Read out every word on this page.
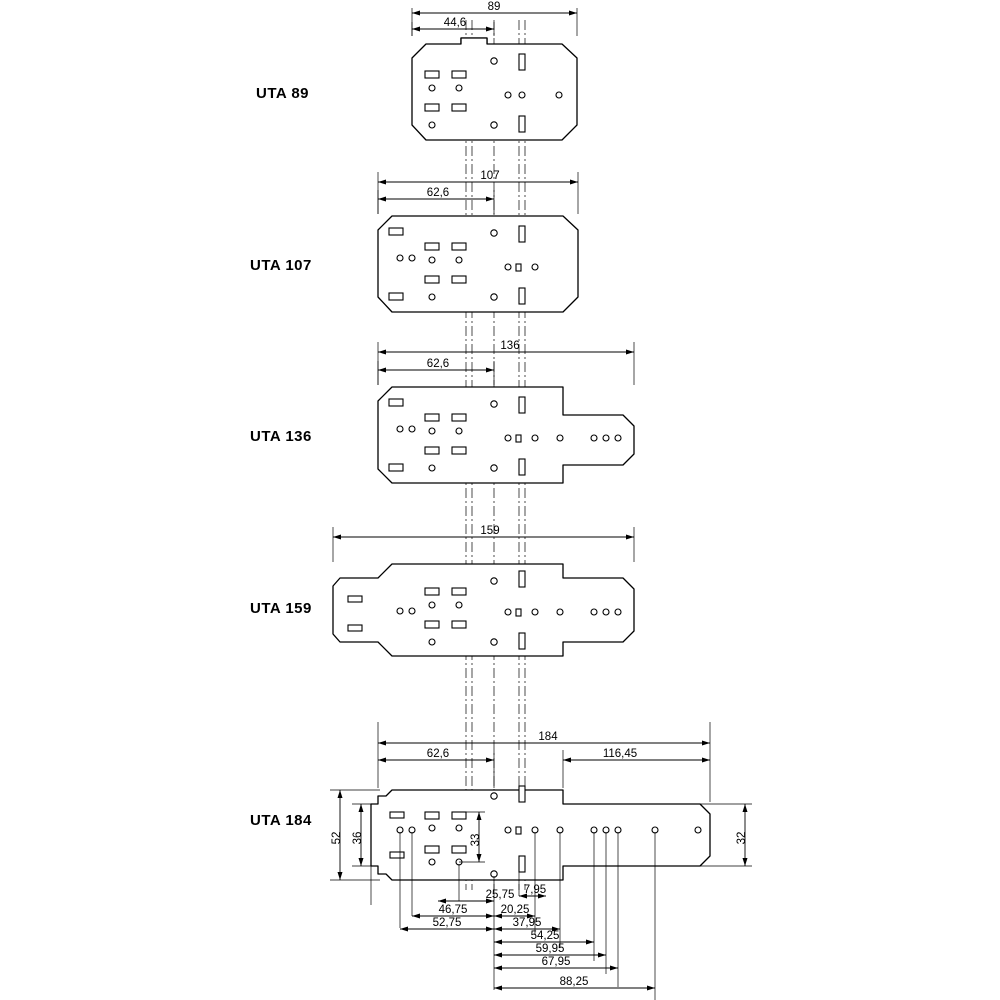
89
44,6
107
62,6
136
62,6
159
184
62,6	116,45
52 36	33	32
25,75 7,95
46,75	20,25
52,75	37,95
54,25
59,95
67,95
88,25
UTA 89
UTA 107
UTA 136
UTA 159
UTA 184
